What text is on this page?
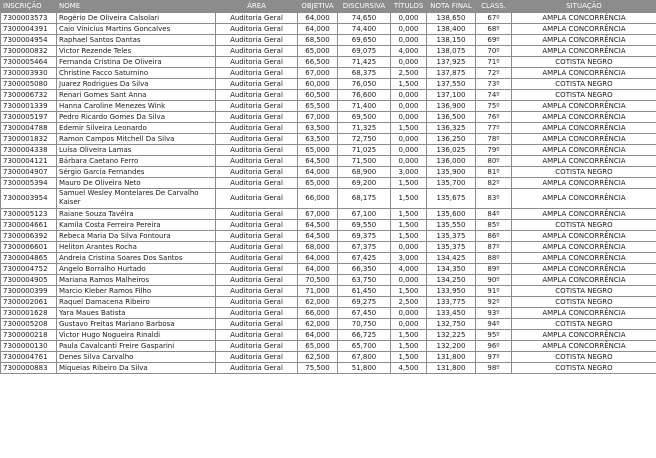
INSCRIÇÃO	NOME	ÁREA	OBJETIVA	DISCURSIVA	TÍTULOS	NOTA FINAL	CLASS.	SITUAÇÃO
7300003573	Rogério De Oliveira Calsolari	Auditoria Geral	64,000	74,650	0,000	138,650	67º	AMPLA CONCORRÊNCIA
7300004391	Caio Vinicius Martins Goncalves	Auditoria Geral	64,000	74,400	0,000	138,400	68º	AMPLA CONCORRÊNCIA
7300004954	Raphael Santos Dantas	Auditoria Geral	68,500	69,650	0,000	138,150	69º	AMPLA CONCORRÊNCIA
7300000832	Victor Rezende Teles	Auditoria Geral	65,000	69,075	4,000	138,075	70º	AMPLA CONCORRÊNCIA
7300005464	Fernanda Cristina De Oliveira	Auditoria Geral	66,500	71,425	0,000	137,925	71º	COTISTA NEGRO
7300003930	Christine Facco Saturnino	Auditoria Geral	67,000	68,375	2,500	137,875	72º	AMPLA CONCORRÊNCIA
7300005080	Juarez Rodrigues Da Silva	Auditoria Geral	60,000	76,050	1,500	137,550	73º	COTISTA NEGRO
7300006732	Renari Gomes Sant Anna	Auditoria Geral	60,500	76,600	0,000	137,100	74º	COTISTA NEGRO
7300001339	Hanna Caroline Menezes Wink	Auditoria Geral	65,500	71,400	0,000	136,900	75º	AMPLA CONCORRÊNCIA
7300005197	Pedro Ricardo Gomes Da Silva	Auditoria Geral	67,000	69,500	0,000	136,500	76º	AMPLA CONCORRÊNCIA
7300004788	Edemir Silveira Leonardo	Auditoria Geral	63,500	71,325	1,500	136,325	77º	AMPLA CONCORRÊNCIA
7300001832	Ramon Campos Mitchell Da Silva	Auditoria Geral	63,500	72,750	0,000	136,250	78º	AMPLA CONCORRÊNCIA
7300004338	Luísa Oliveira Lamas	Auditoria Geral	65,000	71,025	0,000	136,025	79º	AMPLA CONCORRÊNCIA
7300004121	Bárbara Caetano Ferro	Auditoria Geral	64,500	71,500	0,000	136,000	80º	AMPLA CONCORRÊNCIA
7300004907	Sérgio Garcia Fernandes	Auditoria Geral	64,000	68,900	3,000	135,900	81º	COTISTA NEGRO
7300005394	Mauro De Oliveira Neto	Auditoria Geral	65,000	69,200	1,500	135,700	82º	AMPLA CONCORRÊNCIA
7300003954	Samuel Wesley Montelares De Carvalho Kaiser	Auditoria Geral	66,000	68,175	1,500	135,675	83º	AMPLA CONCORRÊNCIA
7300005123	Raiane Souza Tavéira	Auditoria Geral	67,000	67,100	1,500	135,600	84º	AMPLA CONCORRÊNCIA
7300004661	Kamila Costa Ferreira Pereira	Auditoria Geral	64,500	69,550	1,500	135,550	85º	COTISTA NEGRO
7300006392	Rebeca Maria Da Silva Fontoura	Auditoria Geral	64,500	69,375	1,500	135,375	86º	AMPLA CONCORRÊNCIA
7300006601	Heliton Arantes Rocha	Auditoria Geral	68,000	67,375	0,000	135,375	87º	AMPLA CONCORRÊNCIA
7300004865	Andreia Cristina Soares Dos Santos	Auditoria Geral	64,000	67,425	3,000	134,425	88º	AMPLA CONCORRÊNCIA
7300004752	Angelo Borralho Hurtado	Auditoria Geral	64,000	66,350	4,000	134,350	89º	AMPLA CONCORRÊNCIA
7300004905	Mariana Ramos Malheiros	Auditoria Geral	70,500	63,750	0,000	134,250	90º	AMPLA CONCORRÊNCIA
7300000399	Marcio Kleber Ramos Filho	Auditoria Geral	71,000	61,450	1,500	133,950	91º	COTISTA NEGRO
7300002061	Raquel Damacena Ribeiro	Auditoria Geral	62,000	69,275	2,500	133,775	92º	COTISTA NEGRO
7300001628	Yara Maues Batista	Auditoria Geral	66,000	67,450	0,000	133,450	93º	AMPLA CONCORRÊNCIA
7300005208	Gustavo Freitas Mariano Barbosa	Auditoria Geral	62,000	70,750	0,000	132,750	94º	COTISTA NEGRO
7300000218	Victor Hugo Nogueira Rinaldi	Auditoria Geral	64,000	66,725	1,500	132,225	95º	AMPLA CONCORRÊNCIA
7300000130	Paula Cavalcanti Freire Gasparini	Auditoria Geral	65,000	65,700	1,500	132,200	96º	AMPLA CONCORRÊNCIA
7300004761	Denes Silva Carvalho	Auditoria Geral	62,500	67,800	1,500	131,800	97º	COTISTA NEGRO
7300000883	Miqueias Ribeiro Da Silva	Auditoria Geral	75,500	51,800	4,500	131,800	98º	COTISTA NEGRO
